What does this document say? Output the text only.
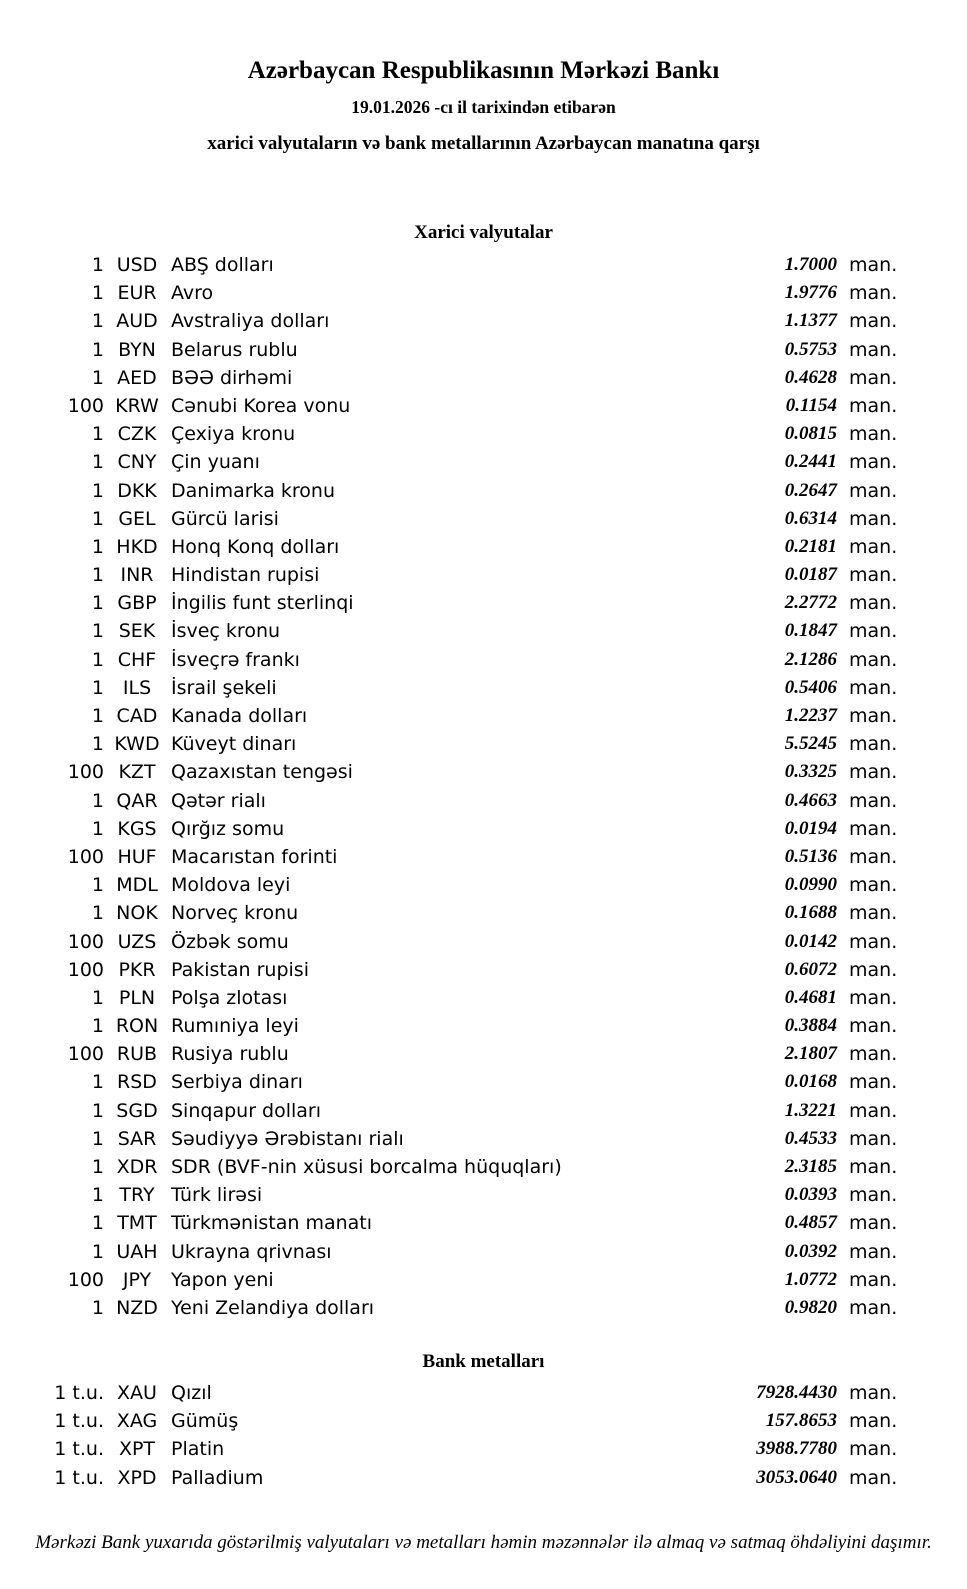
Azərbaycan Respublikasının Mərkəzi Bankı
19.01.2026 -cı il tarixindən etibarən
xarici valyutaların və bank metallarının Azərbaycan manatına qarşı
Xarici valyutalar
1 USD ABŞ dolları	1.7000 man.
1 EUR Avro	1.9776 man.
1 AUD Avstraliya dolları	1.1377 man.
1 BYN Belarus rublu	0.5753 man.
1 AED BƏƏ dirhəmi	0.4628 man.
100 KRW Cənubi Korea vonu	0.1154 man.
1 CZK Çexiya kronu	0.0815 man.
1 CNY Çin yuanı	0.2441 man.
1 DKK Danimarka kronu	0.2647 man.
1 GEL Gürcü larisi	0.6314 man.
1 HKD Honq Konq dolları	0.2181 man.
1 INR Hindistan rupisi	0.0187 man.
1 GBP İngilis funt sterlinqi	2.2772 man.
1 SEK İsveç kronu	0.1847 man.
1 CHF İsveçrə frankı	2.1286 man.
1 ILS	İsrail şekeli	0.5406 man.
1 CAD Kanada dolları	1.2237 man.
1 KWD Küveyt dinarı	5.5245 man.
100 KZT Qazaxıstan tengəsi	0.3325 man.
1 QAR Qətər rialı	0.4663 man.
1 KGS Qırğız somu	0.0194 man.
100 HUF Macarıstan forinti	0.5136 man.
1 MDL Moldova leyi	0.0990 man.
1 NOK Norveç kronu	0.1688 man.
100 UZS Özbək somu	0.0142 man.
100 PKR Pakistan rupisi	0.6072 man.
1 PLN Polşa zlotası	0.4681 man.
1 RON Rumıniya leyi	0.3884 man.
100 RUB Rusiya rublu	2.1807 man.
1 RSD Serbiya dinarı	0.0168 man.
1 SGD Sinqapur dolları	1.3221 man.
1 SAR Səudiyyə Ərəbistanı rialı	0.4533 man.
1 XDR SDR (BVF-nin xüsusi borcalma hüquqları)	2.3185 man.
1 TRY Türk lirəsi	0.0393 man.
1 TMT Türkmənistan manatı	0.4857 man.
1 UAH Ukrayna qrivnası	0.0392 man.
100 JPY	Yapon yeni	1.0772 man.
1 NZD Yeni Zelandiya dolları	0.9820 man.
Bank metalları
1 t.u. XAU Qızıl	7928.4430 man.
1 t.u. XAG Gümüş	157.8653 man.
1 t.u. XPT Platin	3988.7780 man.
1 t.u. XPD Palladium	3053.0640 man.
Mərkəzi Bank yuxarıda göstərilmiş valyutaları və metalları həmin məzənnələr ilə almaq və satmaq öhdəliyini daşımır.
